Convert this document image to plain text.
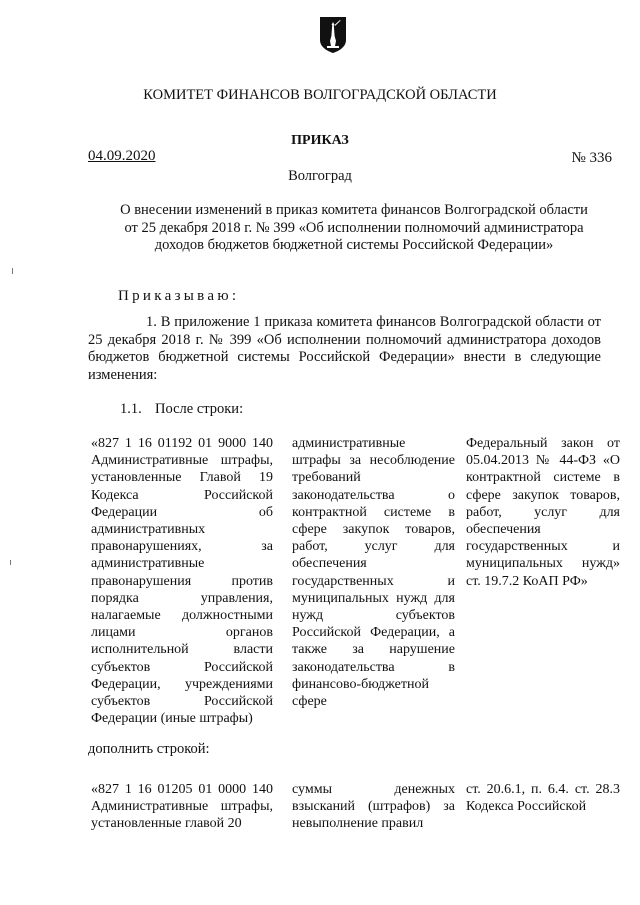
КОМИТЕТ ФИНАНСОВ ВОЛГОГРАДСКОЙ ОБЛАСТИ
ПРИКАЗ
04.09.2020	№ 336
Волгоград
О внесении изменений в приказ комитета финансов Волгоградской области от 25 декабря 2018 г. № 399 «Об исполнении полномочий администратора доходов бюджетов бюджетной системы Российской Федерации»
Приказываю:
1. В приложение 1 приказа комитета финансов Волгоградской области от 25 декабря 2018 г. № 399 «Об исполнении полномочий администратора доходов бюджетов бюджетной системы Российской Федерации» внести в следующие изменения:
1.1. После строки:
«827 1 16 01192 01 9000 140 Административные штрафы, установленные Главой 19 Кодекса Российской Федерации об административных правонарушениях, за административные правонарушения против порядка управления, налагаемые должностными лицами органов исполнительной власти субъектов Российской Федерации, учреждениями субъектов Российской Федерации (иные штрафы)
административные штрафы за несоблюдение требований законодательства о контрактной системе в сфере закупок товаров, работ, услуг для обеспечения государственных и муниципальных нужд для нужд субъектов Российской Федерации, а также за нарушение законодательства в финансово-бюджетной сфере
Федеральный закон от 05.04.2013 № 44-ФЗ «О контрактной системе в сфере закупок товаров, работ, услуг для обеспечения государственных и муниципальных нужд» ст. 19.7.2 КоАП РФ»
дополнить строкой:
«827 1 16 01205 01 0000 140 Административные штрафы, установленные главой 20
суммы денежных взысканий (штрафов) за невыполнение правил
ст. 20.6.1, п. 6.4. ст. 28.3 Кодекса Российской
